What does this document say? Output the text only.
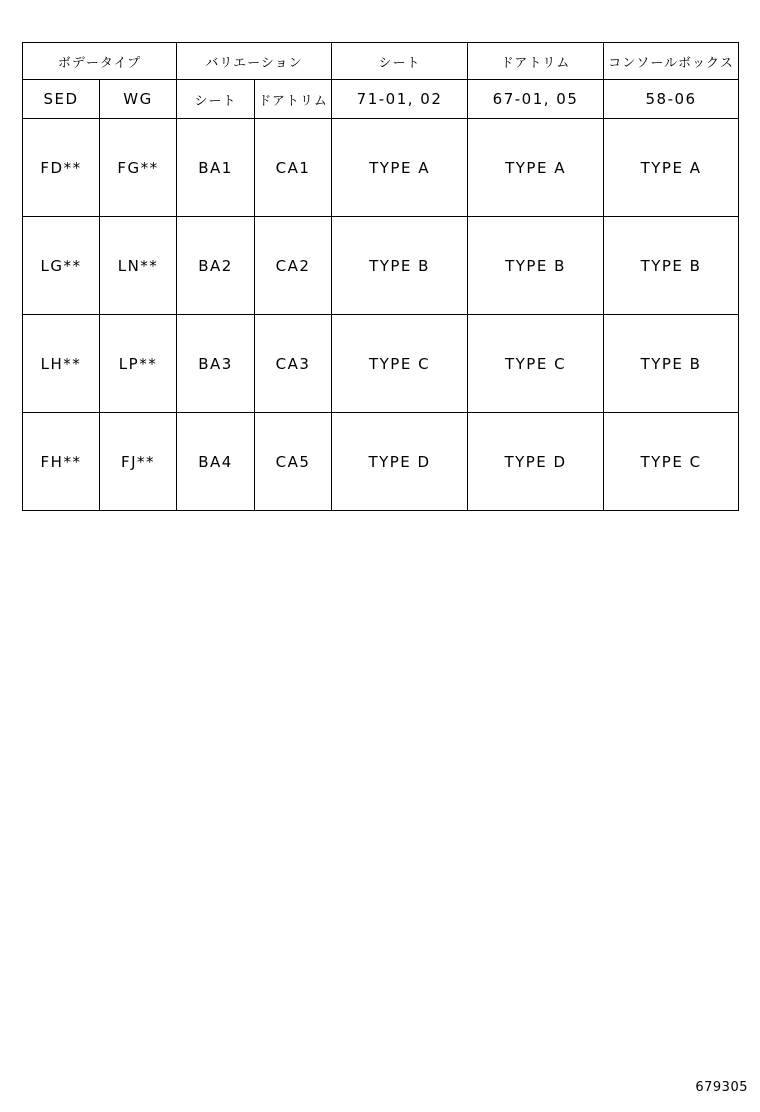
ボデータイプ		バリエーション		シート	ドアトリム	コンソールボックス
SED	WG	シート	ドアトリム	71-01, 02	67-01, 05	58-06
FD**	FG**	BA1	CA1	TYPE A	TYPE A	TYPE A
LG**	LN**	BA2	CA2	TYPE B	TYPE B	TYPE B
LH**	LP**	BA3	CA3	TYPE C	TYPE C	TYPE B
FH**	FJ**	BA4	CA5	TYPE D	TYPE D	TYPE C
679305
